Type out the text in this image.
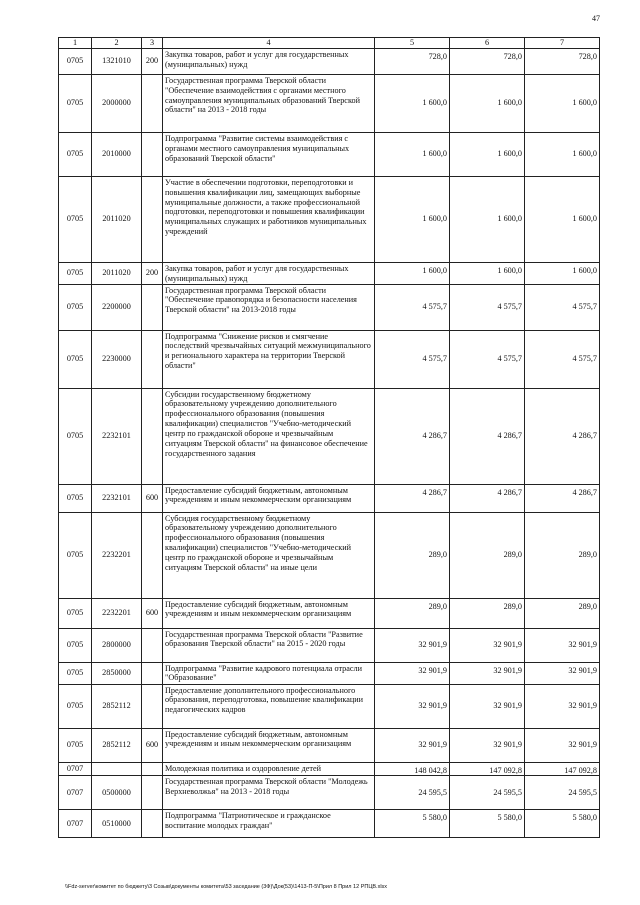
47
1	2	3	4	5	6	7
0705	1321010	200	Закупка товаров, работ и услуг для государственных (муниципальных) нужд	728,0	728,0	728,0
0705	2000000		Государственная программа Тверской области "Обеспечение взаимодействия с органами местного самоуправления муниципальных образований Тверской области" на 2013 - 2018 годы	1 600,0	1 600,0	1 600,0
0705	2010000		Подпрограмма "Развитие системы взаимодействия с органами местного самоуправления муниципальных образований Тверской области"	1 600,0	1 600,0	1 600,0
0705	2011020		Участие в обеспечении подготовки, переподготовки и повышения квалификации лиц, замещающих выборные муниципальные должности, а также профессиональной подготовки, переподготовки и повышения квалификации муниципальных служащих и работников муниципальных учреждений	1 600,0	1 600,0	1 600,0
0705	2011020	200	Закупка товаров, работ и услуг для государственных (муниципальных) нужд	1 600,0	1 600,0	1 600,0
0705	2200000		Государственная программа Тверской области "Обеспечение правопорядка и безопасности населения Тверской области" на 2013-2018 годы	4 575,7	4 575,7	4 575,7
0705	2230000		Подпрограмма "Снижение рисков и смягчение последствий чрезвычайных ситуаций межмуниципального и регионального характера на территории Тверской области"	4 575,7	4 575,7	4 575,7
0705	2232101		Субсидии государственному бюджетному образовательному учреждению дополнительного профессионального образования (повышения квалификации) специалистов "Учебно-методический центр по гражданской обороне и чрезвычайным ситуациям Тверской области" на финансовое обеспечение государственного задания	4 286,7	4 286,7	4 286,7
0705	2232101	600	Предоставление субсидий бюджетным, автономным учреждениям и иным некоммерческим организациям	4 286,7	4 286,7	4 286,7
0705	2232201		Субсидия государственному бюджетному образовательному учреждению дополнительного профессионального образования (повышения квалификации) специалистов "Учебно-методический центр по гражданской обороне и чрезвычайным ситуациям Тверской области" на иные цели	289,0	289,0	289,0
0705	2232201	600	Предоставление субсидий бюджетным, автономным учреждениям и иным некоммерческим организациям	289,0	289,0	289,0
0705	2800000		Государственная программа Тверской области "Развитие образования Тверской области" на 2015 - 2020 годы	32 901,9	32 901,9	32 901,9
0705	2850000		Подпрограмма "Развитие кадрового потенциала отрасли "Образование"	32 901,9	32 901,9	32 901,9
0705	2852112		Предоставление дополнительного профессионального образования, переподготовка, повышение квалификации педагогических кадров	32 901,9	32 901,9	32 901,9
0705	2852112	600	Предоставление субсидий бюджетным, автономным учреждениям и иным некоммерческим организациям	32 901,9	32 901,9	32 901,9
0707			Молодежная политика и оздоровление детей	148 042,8	147 092,8	147 092,8
0707	0500000		Государственная программа Тверской области "Молодежь Верхневолжья" на 2013 - 2018 годы	24 595,5	24 595,5	24 595,5
0707	0510000		Подпрограмма "Патриотическое и гражданское воспитание молодых граждан"	5 580,0	5 580,0	5 580,0
\\Fdz-server\комитет по бюджету\3 Созыв\документы комитета\53 заседание (3Ф)\Док(53)\1413-П-5\Прил 8 Прил 12 РПЦВ.xlsx
